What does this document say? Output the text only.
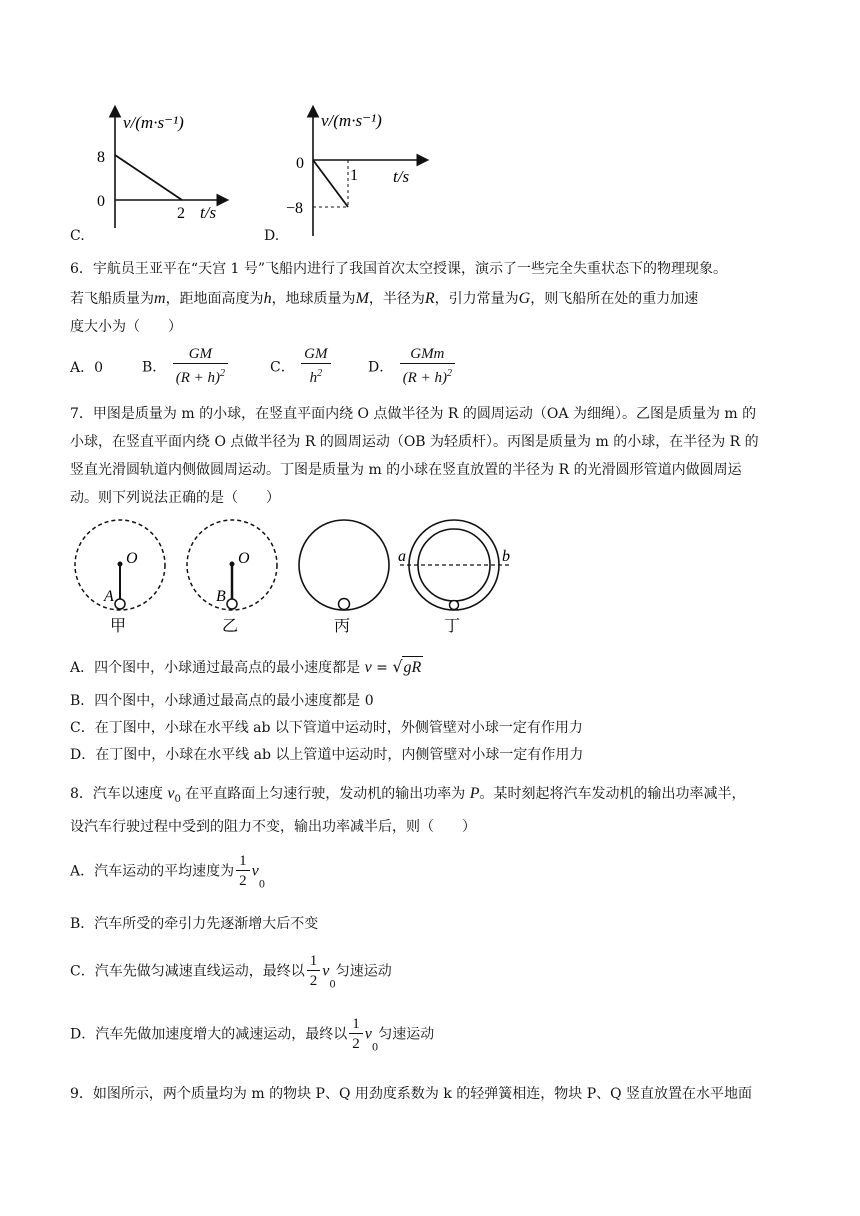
v/(m·s⁻¹)
8
0
2 t/s
C.
v/(m·s⁻¹)
0
1 t/s
−8
D.
6．宇航员王亚平在“天宫 1 号”飞船内进行了我国首次太空授课，演示了一些完全失重状态下的物理现象。
若飞船质量为m，距地面高度为h，地球质量为M，半径为R，引力常量为G，则飞船所在处的重力加速
度大小为（　　）
A．0	B． $\frac{GM}{(R + h)^2}$	C． $\frac{GM}{h^2}$	D． $\frac{\text{GMm}}{(R + h)^2}$
7．甲图是质量为 m 的小球，在竖直平面内绕 O 点做半径为 R 的圆周运动（OA 为细绳）。乙图是质量为 m 的
小球，在竖直平面内绕 O 点做半径为 R 的圆周运动（OB 为轻质杆）。丙图是质量为 m 的小球，在半径为 R 的
竖直光滑圆轨道内侧做圆周运动。丁图是质量为 m 的小球在竖直放置的半径为 R 的光滑圆形管道内做圆周运
动。则下列说法正确的是（　　）
O
A
甲
O
B
乙	丙
a	b
丁
A．四个图中，小球通过最高点的最小速度都是 v = √gR
B．四个图中，小球通过最高点的最小速度都是 0
C．在丁图中，小球在水平线 ab 以下管道中运动时，外侧管壁对小球一定有作用力
D．在丁图中，小球在水平线 ab 以上管道中运动时，内侧管壁对小球一定有作用力
8．汽车以速度 $v_0$ 在平直路面上匀速行驶，发动机的输出功率为 P。某时刻起将汽车发动机的输出功率减半，
设汽车行驶过程中受到的阻力不变，输出功率减半后，则（　　）
A．汽车运动的平均速度为 $\frac{1}{2} v_0$
B．汽车所受的牵引力先逐渐增大后不变
C．汽车先做匀减速直线运动，最终以 $\frac{1}{2} v_0$匀速运动
D．汽车先做加速度增大的减速运动，最终以 $\frac{1}{2} v_0$匀速运动
9．如图所示，两个质量均为 m 的物块 P、Q 用劲度系数为 k 的轻弹簧相连，物块 P、Q 竖直放置在水平地面
